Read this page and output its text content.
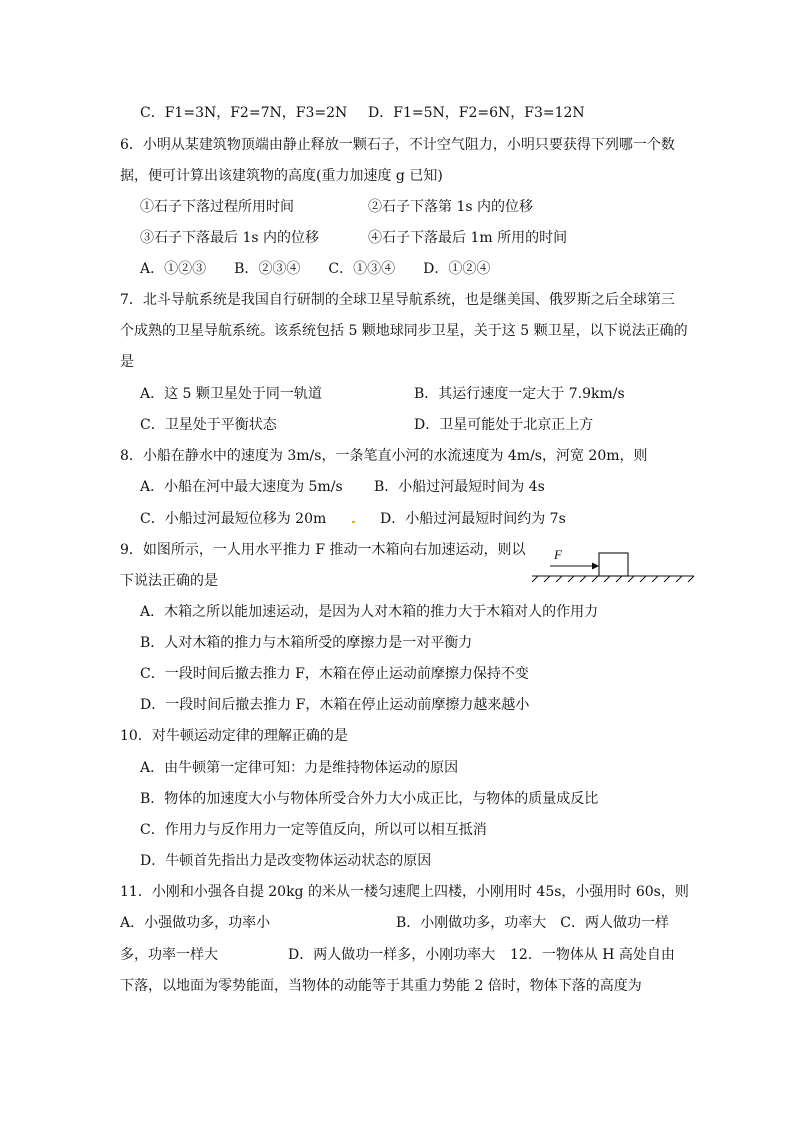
C．F1=3N，F2=7N，F3=2N D．F1=5N，F2=6N，F3=12N
6．小明从某建筑物顶端由静止释放一颗石子，不计空气阻力，小明只要获得下列哪一个数
据，便可计算出该建筑物的高度(重力加速度 g 已知)
①石子下落过程所用时间	②石子下落第 1s 内的位移
③石子下落最后 1s 内的位移	④石子下落最后 1m 所用的时间
A．①②③　　B．②③④　　C．①③④　　D．①②④
7．北斗导航系统是我国自行研制的全球卫星导航系统，也是继美国、俄罗斯之后全球第三
个成熟的卫星导航系统。该系统包括 5 颗地球同步卫星，关于这 5 颗卫星，以下说法正确的
是
A．这 5 颗卫星处于同一轨道	B．其运行速度一定大于 7.9km/s
C．卫星处于平衡状态	D．卫星可能处于北京正上方
8．小船在静水中的速度为 3m/s，一条笔直小河的水流速度为 4m/s，河宽 20m，则
A．小船在河中最大速度为 5m/s B．小船过河最短时间为 4s
C．小船过河最短位移为 20m	D．小船过河最短时间约为 7s
9．如图所示，一人用水平推力 F 推动一木箱向右加速运动，则以
下说法正确的是
F
A．木箱之所以能加速运动，是因为人对木箱的推力大于木箱对人的作用力
B．人对木箱的推力与木箱所受的摩擦力是一对平衡力
C．一段时间后撤去推力 F，木箱在停止运动前摩擦力保持不变
D．一段时间后撤去推力 F，木箱在停止运动前摩擦力越来越小
10．对牛顿运动定律的理解正确的是
A．由牛顿第一定律可知：力是维持物体运动的原因
B．物体的加速度大小与物体所受合外力大小成正比，与物体的质量成反比
C．作用力与反作用力一定等值反向，所以可以相互抵消
D．牛顿首先指出力是改变物体运动状态的原因
11．小刚和小强各自提 20kg 的米从一楼匀速爬上四楼，小刚用时 45s，小强用时 60s，则
A．小强做功多，功率小	B．小刚做功多，功率大　C．两人做功一样
多，功率一样大	D．两人做功一样多，小刚功率大 12．一物体从 H 高处自由
下落，以地面为零势能面，当物体的动能等于其重力势能 2 倍时，物体下落的高度为
